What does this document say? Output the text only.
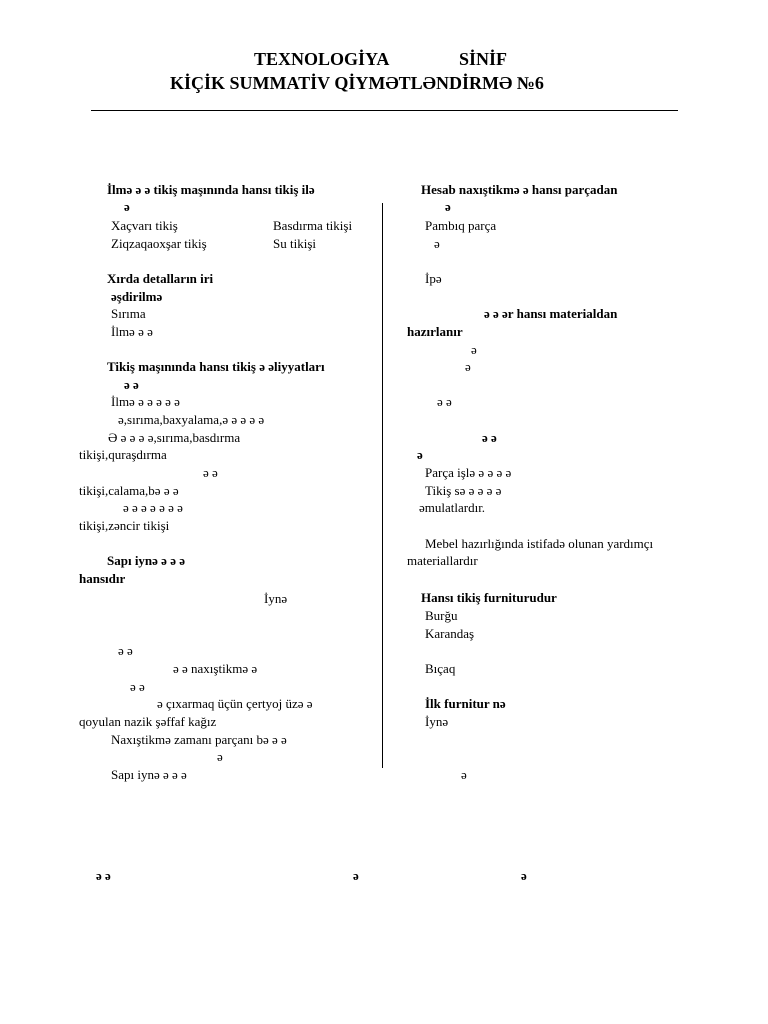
TEXNOLOGİYA	SİNİF
KİÇİK SUMMATİV QİYMƏTLƏNDİRMƏ №6
İlmə ə ə tikiş maşınında hansı tikiş ilə
ə
Xaçvarı tikiş	Basdırma tikişi
Ziqzaqaoxşar tikiş	Su tikişi
Xırda detalların iri
əşdirilmə
Sırıma
İlmə ə ə
Tikiş maşınında hansı tikiş ə əliyyatları
ə ə
İlmə ə ə ə ə ə
ə,sırıma,baxyalama,ə ə ə ə ə
Ə ə ə ə ə,sırıma,basdırma
tikişi,quraşdırma
ə ə
tikişi,calama,bə ə ə
ə ə ə ə ə ə ə
tikişi,zəncir tikişi
Sapı iynə ə ə ə
hansıdır
İynə
ə ə
ə ə naxıştikmə ə
ə ə
ə çıxarmaq üçün çertyoj üzə ə
qoyulan nazik şəffaf kağız
Naxıştikmə zamanı parçanı bə ə ə
ə
Sapı iynə ə ə ə
Hesab naxıştikmə ə hansı parçadan
ə
Pambıq parça
ə
İpə
ə ə ər hansı materialdan
hazırlanır
ə
ə
ə ə
ə ə
ə
Parça işlə ə ə ə ə
Tikiş sə ə ə ə ə
əmulatlardır.
Mebel hazırlığında istifadə olunan yardımçı
materiallardır
Hansı tikiş furniturudur
Burğu
Karandaş
Bıçaq
İlk furnitur nə
İynə
ə
ə ə	ə	ə
